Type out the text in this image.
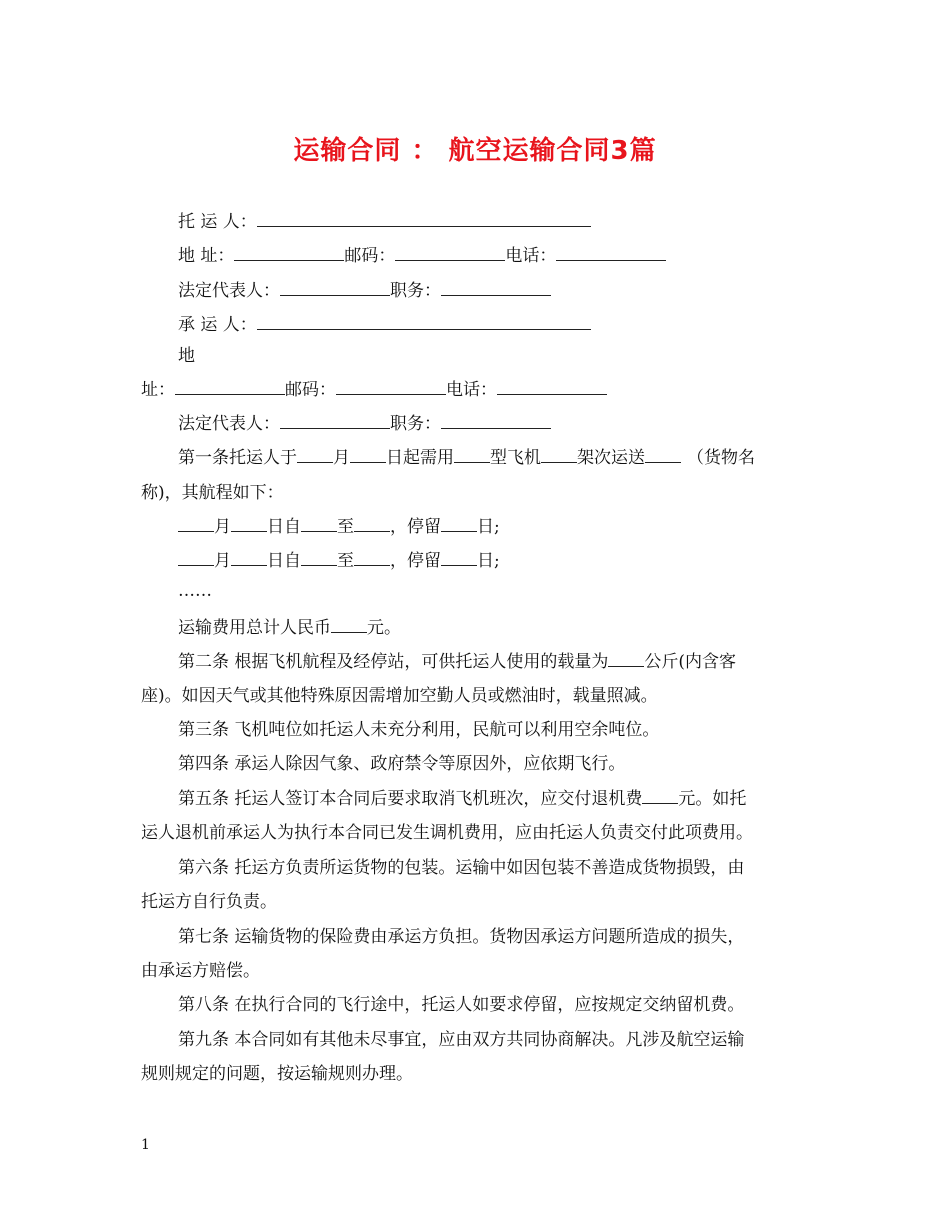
运输合同 ： 航空运输合同3篇
托 运 人：
地 址：	邮码：	电话：
法定代表人：	职务：
承 运 人：
地
址：	邮码：	电话：
法定代表人：	职务：
第一条托运人于 月 日起需用 型飞机 架次运送 （货物名
称)，其航程如下：
月 日自 至 ，停留 日;
月 日自 至 ，停留 日;
……
运输费用总计人民币 元。
第二条 根据飞机航程及经停站，可供托运人使用的载量为 公斤(内含客
座)。如因天气或其他特殊原因需增加空勤人员或燃油时，载量照减。
第三条 飞机吨位如托运人未充分利用，民航可以利用空余吨位。
第四条 承运人除因气象、政府禁令等原因外，应依期飞行。
第五条 托运人签订本合同后要求取消飞机班次，应交付退机费 元。如托
运人退机前承运人为执行本合同已发生调机费用，应由托运人负责交付此项费用。
第六条 托运方负责所运货物的包装。运输中如因包装不善造成货物损毁，由
托运方自行负责。
第七条 运输货物的保险费由承运方负担。货物因承运方问题所造成的损失，
由承运方赔偿。
第八条 在执行合同的飞行途中，托运人如要求停留，应按规定交纳留机费。
第九条 本合同如有其他未尽事宜，应由双方共同协商解决。凡涉及航空运输
规则规定的问题，按运输规则办理。
1
